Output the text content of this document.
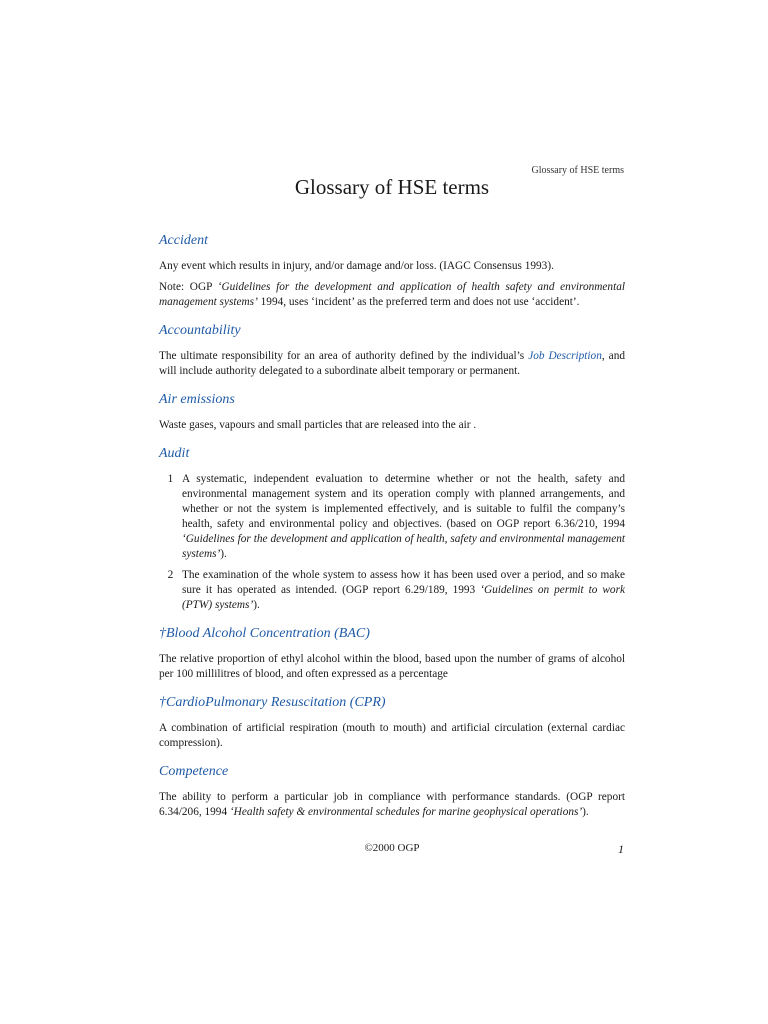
Glossary of HSE terms
Glossary of HSE terms
Accident

Any event which results in injury, and/or damage and/or loss. (IAGC Consensus 1993).

Note: OGP ‘Guidelines for the development and application of health safety and environmental management systems’ 1994, uses ‘incident’ as the preferred term and does not use ‘accident’.

Accountability

The ultimate responsibility for an area of authority defined by the individual’s Job Description, and will include authority delegated to a subordinate albeit temporary or permanent.

Air emissions

Waste gases, vapours and small particles that are released into the air .

Audit
1 A systematic, independent evaluation to determine whether or not the health, safety and environmental management system and its operation comply with planned arrangements, and whether or not the system is implemented effectively, and is suitable to fulfil the company’s health, safety and environmental policy and objectives. (based on OGP report 6.36/210, 1994 ‘Guidelines for the development and application of health, safety and environmental management systems’).
2 The examination of the whole system to assess how it has been used over a period, and so make sure it has operated as intended. (OGP report 6.29/189, 1993 ‘Guidelines on permit to work (PTW) systems’).
†Blood Alcohol Concentration (BAC)

The relative proportion of ethyl alcohol within the blood, based upon the number of grams of alcohol per 100 millilitres of blood, and often expressed as a percentage

†CardioPulmonary Resuscitation (CPR)

A combination of artificial respiration (mouth to mouth) and artificial circulation (external cardiac compression).

Competence

The ability to perform a particular job in compliance with performance standards. (OGP report 6.34/206, 1994 ‘Health safety & environmental schedules for marine geophysical operations’).

©2000 OGP	1
